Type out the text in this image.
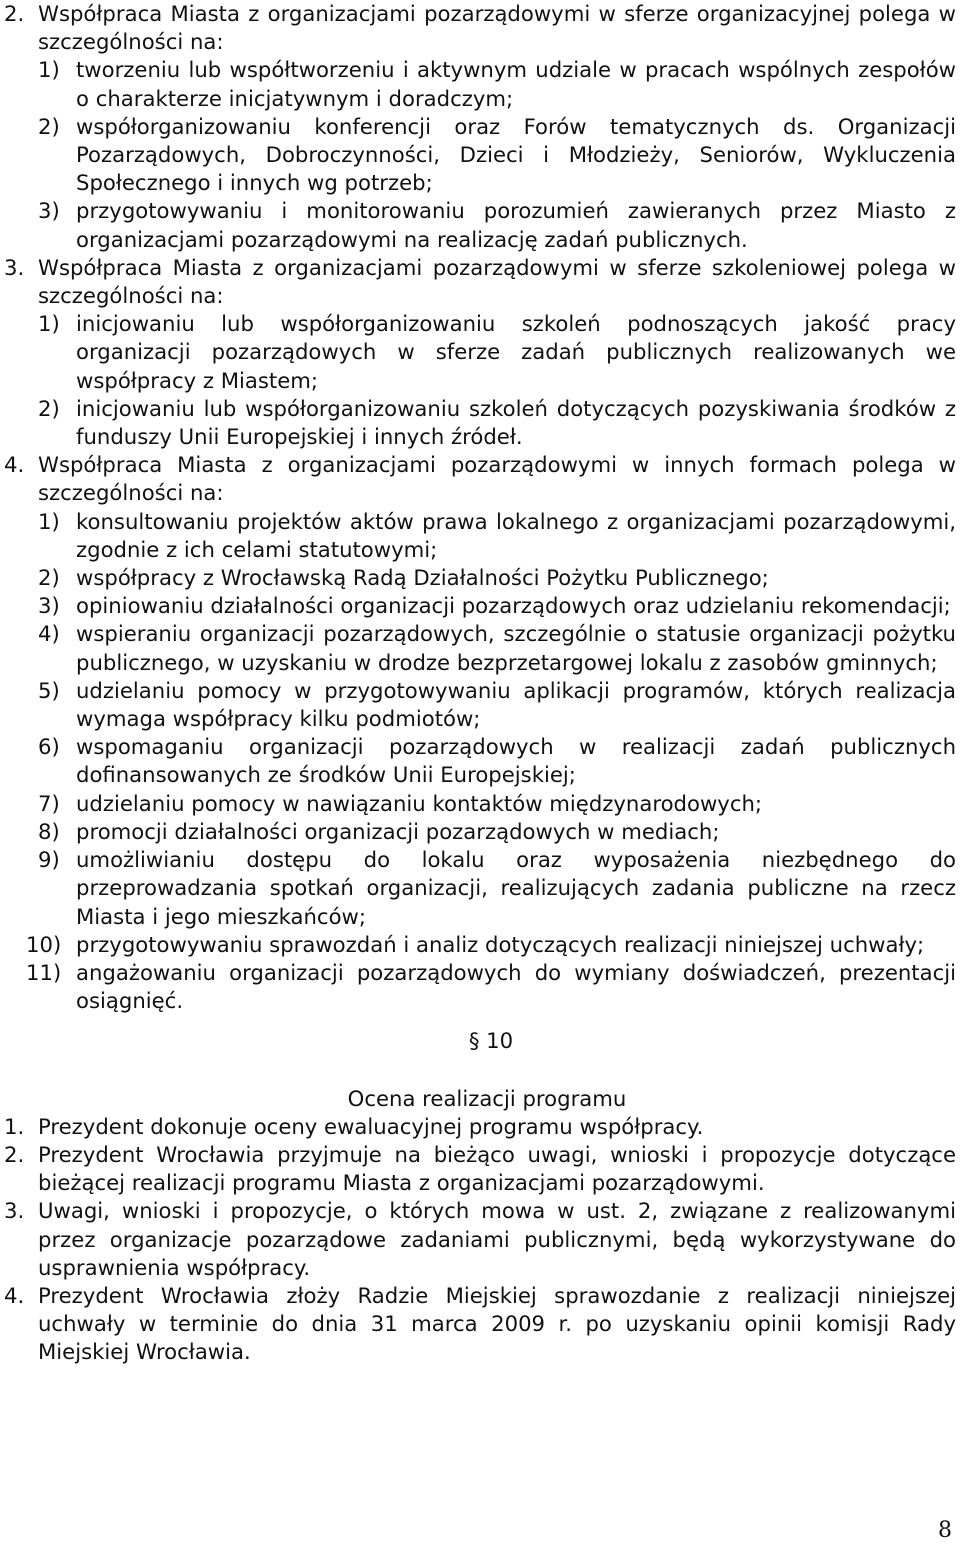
2. Współpraca Miasta z organizacjami pozarządowymi w sferze organizacyjnej polega w szczególności na:
1) tworzeniu lub współtworzeniu i aktywnym udziale w pracach wspólnych zespołów o charakterze inicjatywnym i doradczym;
2) współorganizowaniu konferencji oraz Forów tematycznych ds. Organizacji Pozarządowych, Dobroczynności, Dzieci i Młodzieży, Seniorów, Wykluczenia Społecznego i innych wg potrzeb;
3) przygotowywaniu i monitorowaniu porozumień zawieranych przez Miasto z organizacjami pozarządowymi na realizację zadań publicznych.
3. Współpraca Miasta z organizacjami pozarządowymi w sferze szkoleniowej polega w szczególności na:
1) inicjowaniu lub współorganizowaniu szkoleń podnoszących jakość pracy organizacji pozarządowych w sferze zadań publicznych realizowanych we współpracy z Miastem;
2) inicjowaniu lub współorganizowaniu szkoleń dotyczących pozyskiwania środków z funduszy Unii Europejskiej i innych źródeł.
4. Współpraca Miasta z organizacjami pozarządowymi w innych formach polega w szczególności na:
1) konsultowaniu projektów aktów prawa lokalnego z organizacjami pozarządowymi, zgodnie z ich celami statutowymi;
2) współpracy z Wrocławską Radą Działalności Pożytku Publicznego;
3) opiniowaniu działalności organizacji pozarządowych oraz udzielaniu rekomendacji;
4) wspieraniu organizacji pozarządowych, szczególnie o statusie organizacji pożytku publicznego, w uzyskaniu w drodze bezprzetargowej lokalu z zasobów gminnych;
5) udzielaniu pomocy w przygotowywaniu aplikacji programów, których realizacja wymaga współpracy kilku podmiotów;
6) wspomaganiu organizacji pozarządowych w realizacji zadań publicznych dofinansowanych ze środków Unii Europejskiej;
7) udzielaniu pomocy w nawiązaniu kontaktów międzynarodowych;
8) promocji działalności organizacji pozarządowych w mediach;
9) umożliwianiu dostępu do lokalu oraz wyposażenia niezbędnego do przeprowadzania spotkań organizacji, realizujących zadania publiczne na rzecz Miasta i jego mieszkańców;
10) przygotowywaniu sprawozdań i analiz dotyczących realizacji niniejszej uchwały;
11) angażowaniu organizacji pozarządowych do wymiany doświadczeń, prezentacji osiągnięć.

§ 10

Ocena realizacji programu

1. Prezydent dokonuje oceny ewaluacyjnej programu współpracy.
2. Prezydent Wrocławia przyjmuje na bieżąco uwagi, wnioski i propozycje dotyczące bieżącej realizacji programu Miasta z organizacjami pozarządowymi.
3. Uwagi, wnioski i propozycje, o których mowa w ust. 2, związane z realizowanymi przez organizacje pozarządowe zadaniami publicznymi, będą wykorzystywane do usprawnienia współpracy.
4. Prezydent Wrocławia złoży Radzie Miejskiej sprawozdanie z realizacji niniejszej uchwały w terminie do dnia 31 marca 2009 r. po uzyskaniu opinii komisji Rady Miejskiej Wrocławia.
8
